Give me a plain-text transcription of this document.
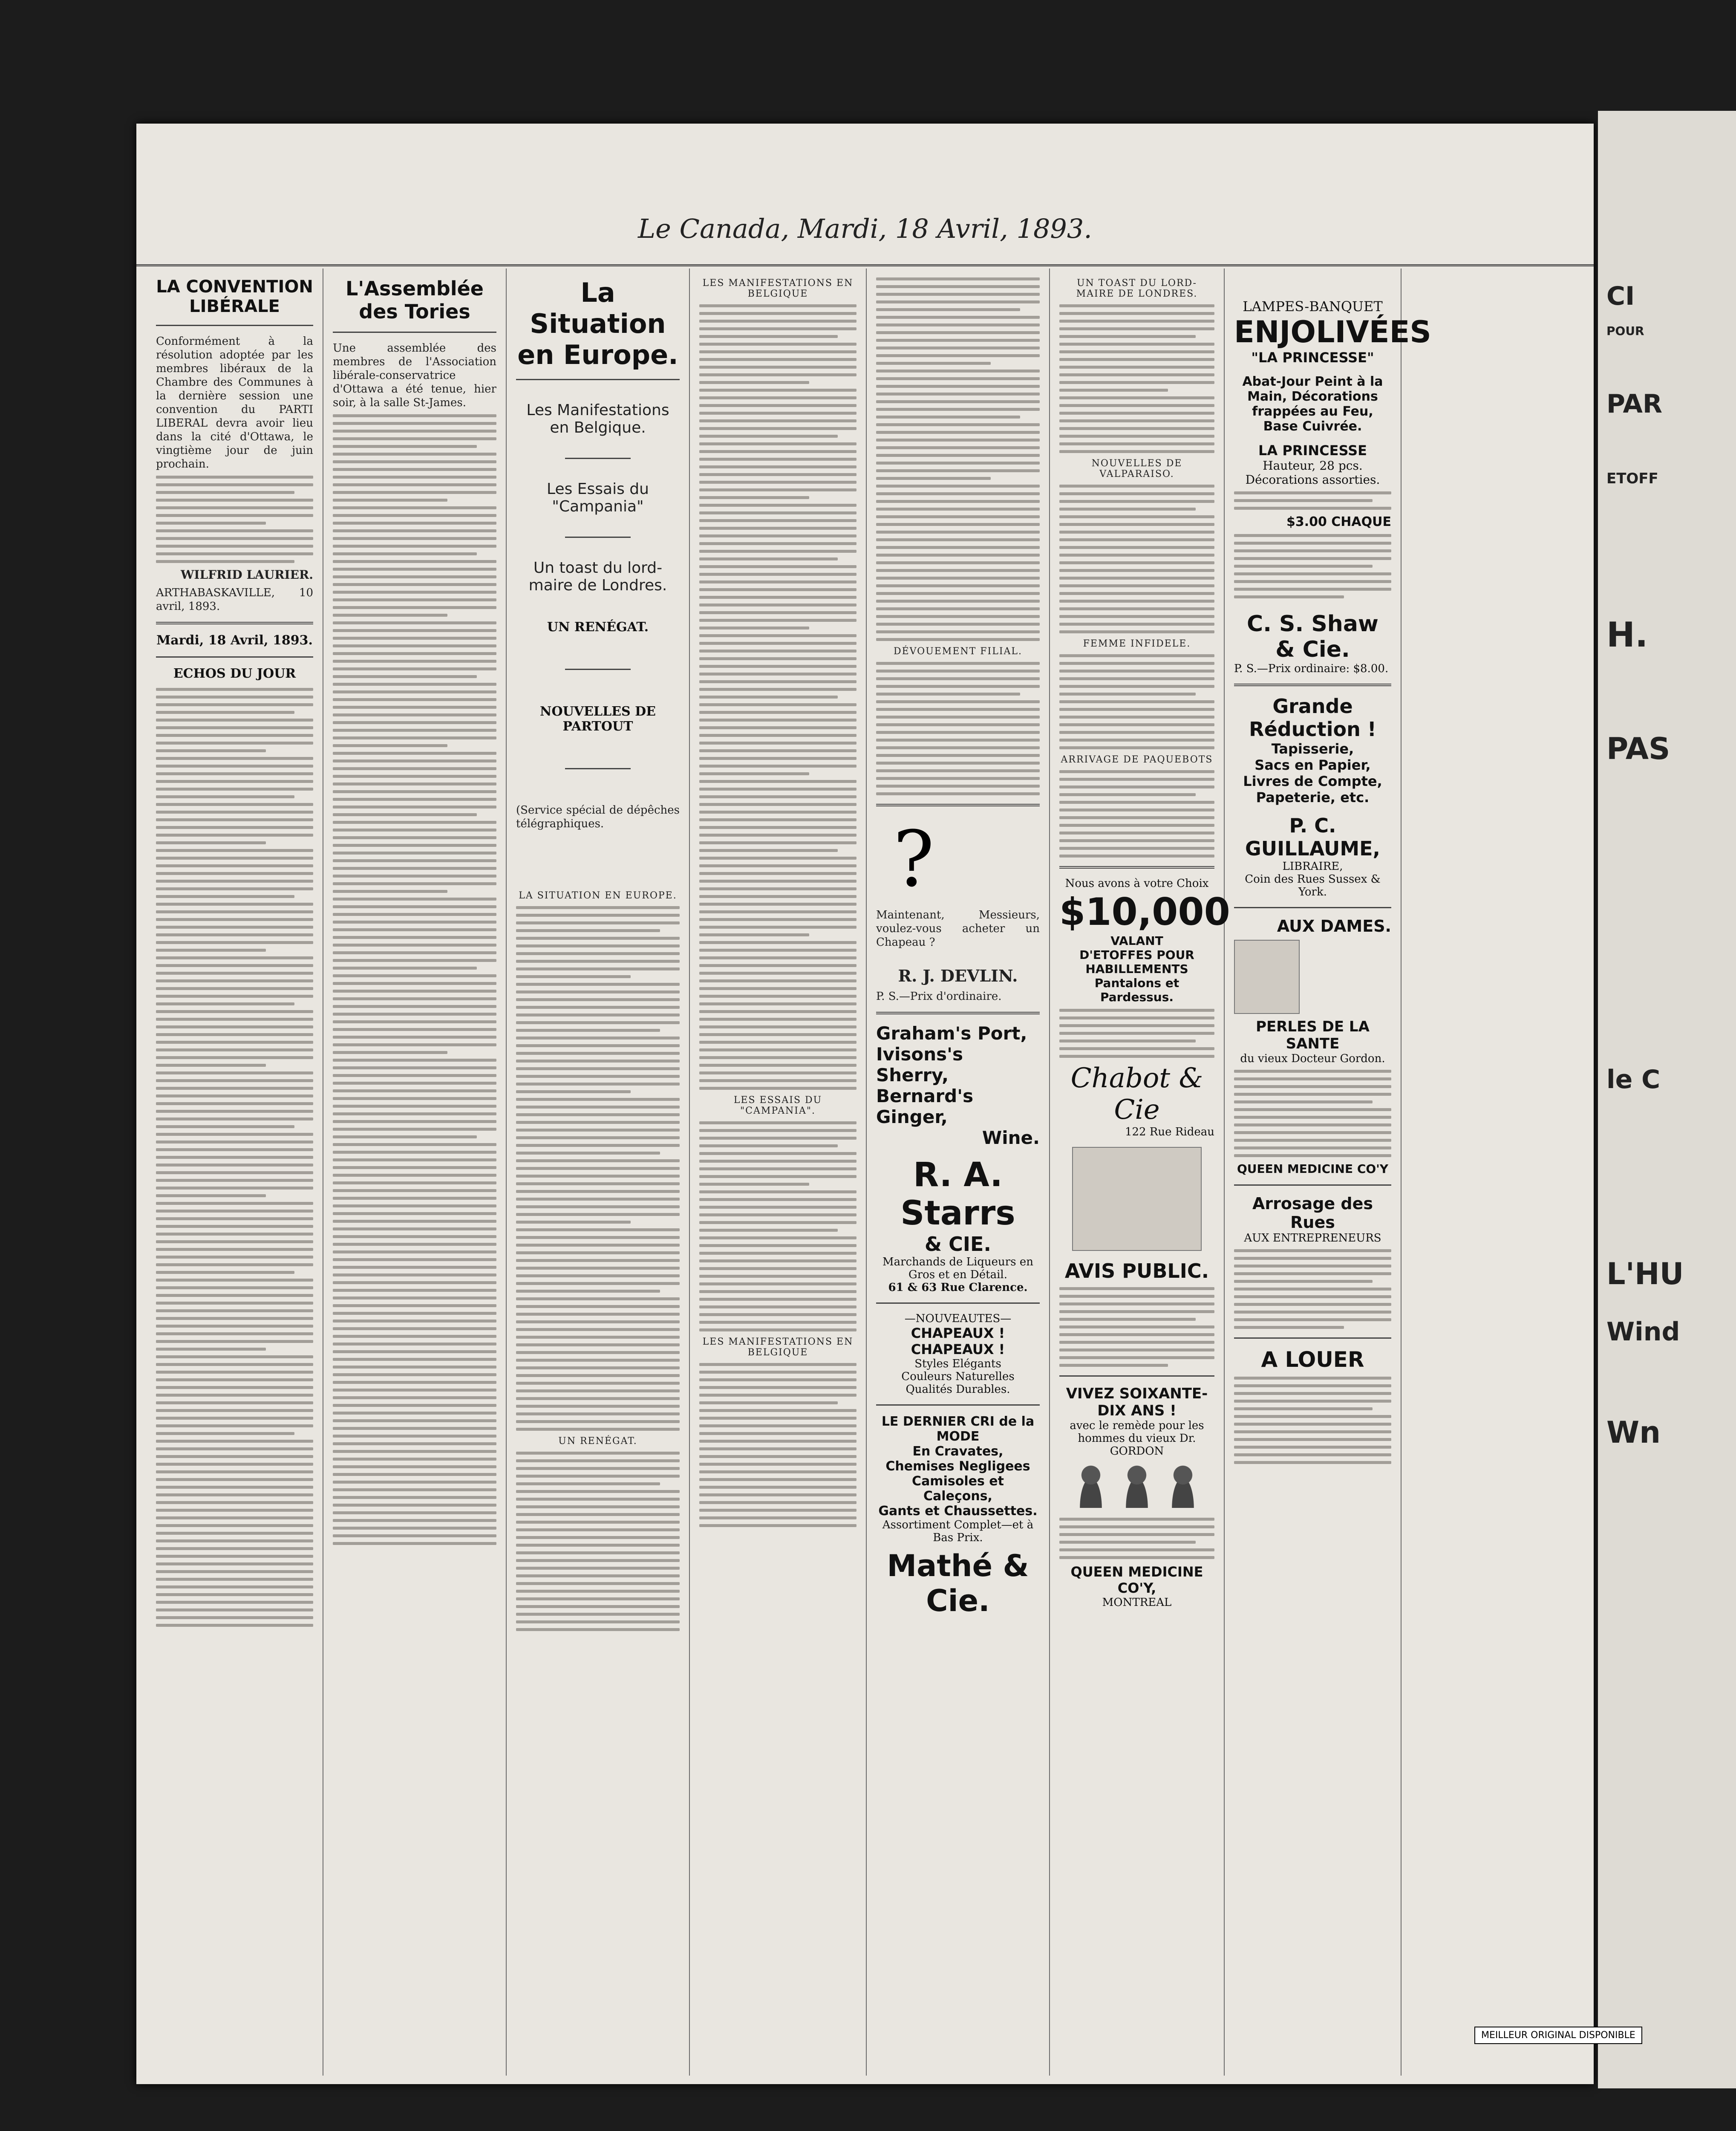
Le Canada, Mardi, 18 Avril, 1893.
LA CONVENTION LIBÉRALE

Conformément à la résolution adoptée par les membres libéraux de la Chambre des Communes à la dernière session une convention du PARTI LIBERAL devra avoir lieu dans la cité d'Ottawa, le vingtième jour de juin prochain.

WILFRID LAURIER.

ARTHABASKAVILLE, 10 avril, 1893.

Mardi, 18 Avril, 1893.
ECHOS DU JOUR
L'Assemblée des Tories

Une assemblée des membres de l'Association libérale-conservatrice d'Ottawa a été tenue, hier soir, à la salle St-James.

La Situation en Europe.
Les Manifestations en Belgique.
Les Essais du "Campania"
Un toast du lord-maire de Londres.
UN RENÉGAT.
NOUVELLES DE PARTOUT

(Service spécial de dépêches télégraphiques.

LA SITUATION EN EUROPE.
UN RENÉGAT.
LES MANIFESTATIONS EN BELGIQUE
LES ESSAIS DU "CAMPANIA".
LES MANIFESTATIONS EN BELGIQUE
DÉVOUEMENT FILIAL.
?

Maintenant, Messieurs, voulez-vous acheter un Chapeau ?

R. J. DEVLIN.

P. S.—Prix d'ordinaire.

Graham's Port,
Ivisons's Sherry,
Bernard's Ginger,
Wine.
R. A. Starrs
& CIE.
Marchands de Liqueurs en Gros et en Détail.
61 & 63 Rue Clarence.
—NOUVEAUTES—
CHAPEAUX ! CHAPEAUX !
Styles Elégants
Couleurs Naturelles
Qualités Durables.
LE DERNIER CRI de la MODE
En Cravates,
Chemises Negligees
Camisoles et Caleçons,
Gants et Chaussettes.
Assortiment Complet—et à Bas Prix.
Mathé & Cie.
UN TOAST DU LORD-MAIRE DE LONDRES.
NOUVELLES DE VALPARAISO.
FEMME INFIDELE.
ARRIVAGE DE PAQUEBOTS
Nous avons à votre Choix
$10,000 VALANT
D'ETOFFES POUR HABILLEMENTS
Pantalons et Pardessus.
Chabot & Cie
122 Rue Rideau
AVIS PUBLIC.
VIVEZ SOIXANTE-DIX ANS !
avec le remède pour les hommes du vieux Dr. GORDON
QUEEN MEDICINE CO'Y,
MONTREAL
LAMPES-BANQUET
ENJOLIVÉES
"LA PRINCESSE"
Abat-Jour Peint à la Main, Décorations frappées au Feu, Base Cuivrée.
LA PRINCESSE
Hauteur, 28 pcs. Décorations assorties.
$3.00 CHAQUE
C. S. Shaw & Cie.
P. S.—Prix ordinaire: $8.00.
Grande Réduction !
Tapisserie,
Sacs en Papier,
Livres de Compte,
Papeterie, etc.
P. C. GUILLAUME,
LIBRAIRE,
Coin des Rues Sussex & York.
AUX DAMES.
PERLES DE LA SANTE
du vieux Docteur Gordon.
QUEEN MEDICINE CO'Y
Arrosage des Rues
AUX ENTREPRENEURS
A LOUER
CI
POUR
PAR
ETOFF
H.
PAS
le C
L'HU
Wind
Wn
MEILLEUR ORIGINAL DISPONIBLE
